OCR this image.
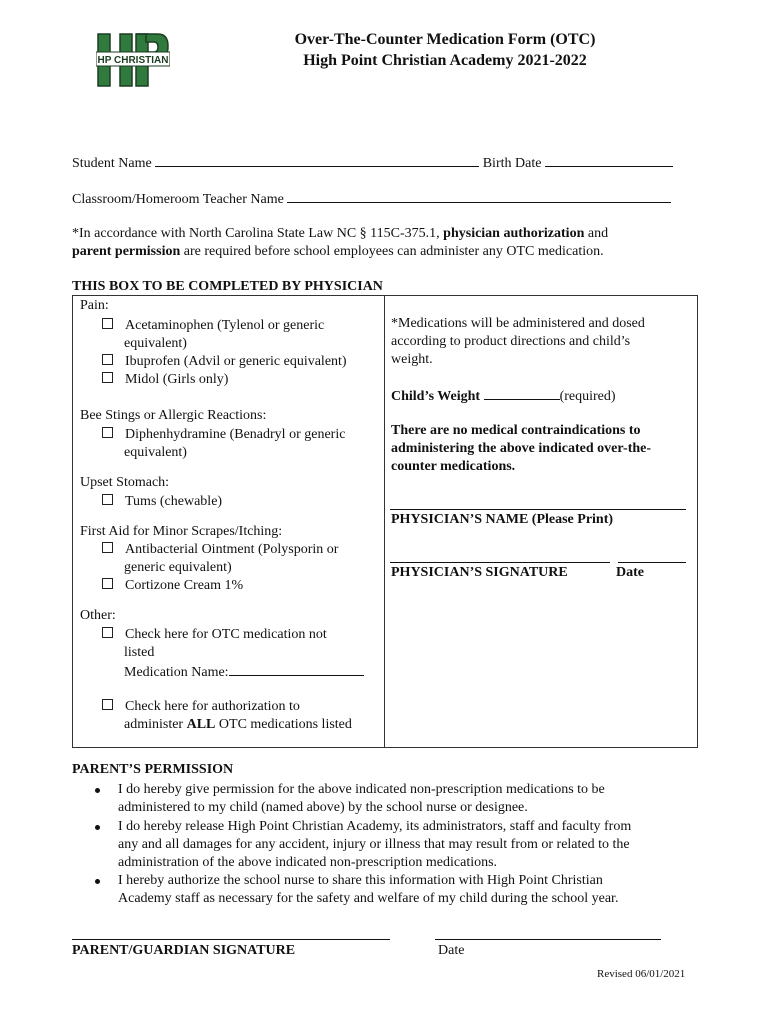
HP CHRISTIAN
Over-The-Counter Medication Form (OTC)
High Point Christian Academy 2021-2022
Student Name	Birth Date
Classroom/Homeroom Teacher Name
*In accordance with North Carolina State Law NC § 115C-375.1, physician authorization and
parent permission are required before school employees can administer any OTC medication.
THIS BOX TO BE COMPLETED BY PHYSICIAN
Pain:
Acetaminophen (Tylenol or generic
equivalent)
Ibuprofen (Advil or generic equivalent)
Midol (Girls only)
Bee Stings or Allergic Reactions:
Diphenhydramine (Benadryl or generic
equivalent)
Upset Stomach:
Tums (chewable)
First Aid for Minor Scrapes/Itching:
Antibacterial Ointment (Polysporin or
generic equivalent)
Cortizone Cream 1%
Other:
Check here for OTC medication not
listed
Medication Name:
Check here for authorization to
administer ALL OTC medications listed
*Medications will be administered and dosed
according to product directions and child’s
weight.
Child’s Weight	(required)
There are no medical contraindications to
administering the above indicated over-the-
counter medications.
PHYSICIAN’S NAME (Please Print)
PHYSICIAN’S SIGNATURE	Date
PARENT’S PERMISSION
I do hereby give permission for the above indicated non-prescription medications to be
administered to my child (named above) by the school nurse or designee.
I do hereby release High Point Christian Academy, its administrators, staff and faculty from
any and all damages for any accident, injury or illness that may result from or related to the
administration of the above indicated non-prescription medications.
I hereby authorize the school nurse to share this information with High Point Christian
Academy staff as necessary for the safety and welfare of my child during the school year.
PARENT/GUARDIAN SIGNATURE	Date
Revised 06/01/2021
